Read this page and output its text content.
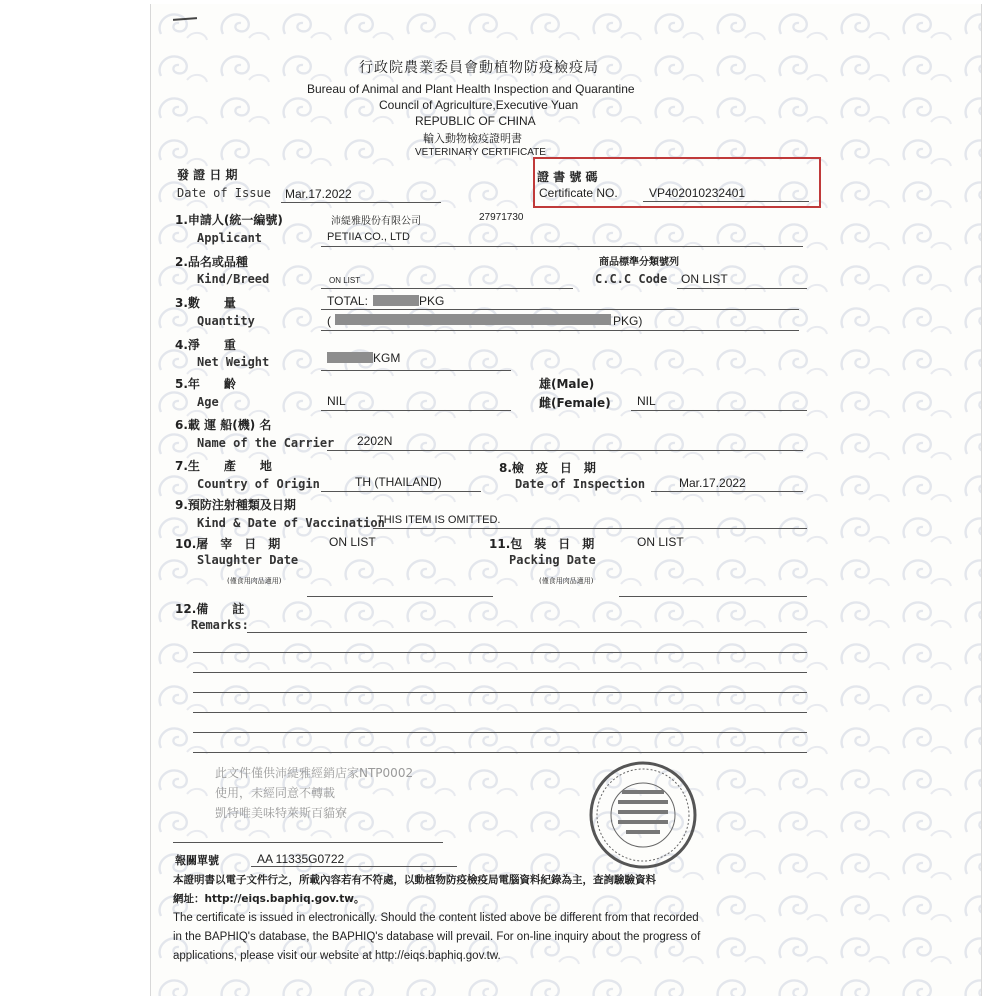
行政院農業委員會動植物防疫檢疫局
Bureau of Animal and Plant Health Inspection and Quarantine
Council of Agriculture,Executive Yuan
REPUBLIC OF CHINA
輸入動物檢疫證明書
VETERINARY CERTIFICATE
發 證 日 期
Date of Issue Mar.17.2022
證 書 號 碼
Certificate NO.	VP402010232401
1.申請人(統一編號)	沛緹雅股份有限公司	27971730
Applicant	PETIIA CO., LTD
2.品名或品種	商品標準分類號列
Kind/Breed	ON LIST	C.C.C Code ON LIST
3.數　　量	TOTAL:	PKG
Quantity	(	PKG)
4.淨　　重
Net Weight	KGM
5.年　　齡	雄(Male)
Age	NIL	雌(Female) NIL
6.載 運 船(機) 名
Name of the Carrier 2202N
7.生　　產　　地	8.檢　疫　日　期
Country of Origin	TH (THAILAND)	Date of Inspection	Mar.17.2022
9.預防注射種類及日期
Kind & Date of Vaccination
THIS ITEM IS OMITTED.
10.屠　宰　日　期	ON LIST	11.包　裝　日　期	ON LIST
Slaughter Date	Packing Date
(僅食用肉品適用)	(僅食用肉品適用)
12.備　　註
Remarks:
此文件僅供沛緹雅經銷店家NTP0002
使用，未經同意不轉載
凱特唯美味特萊斯百貓寮
報關單號	AA 11335G0722
本證明書以電子文件行之，所載內容若有不符處，以動植物防疫檢疫局電腦資料紀錄為主，查詢驗驗資料
網址：http://eiqs.baphiq.gov.tw。
The certificate is issued in electronically. Should the content listed above be different from that recorded
in the BAPHIQ's database, the BAPHIQ's database will prevail. For on-line inquiry about the progress of
applications, please visit our website at http://eiqs.baphiq.gov.tw.
